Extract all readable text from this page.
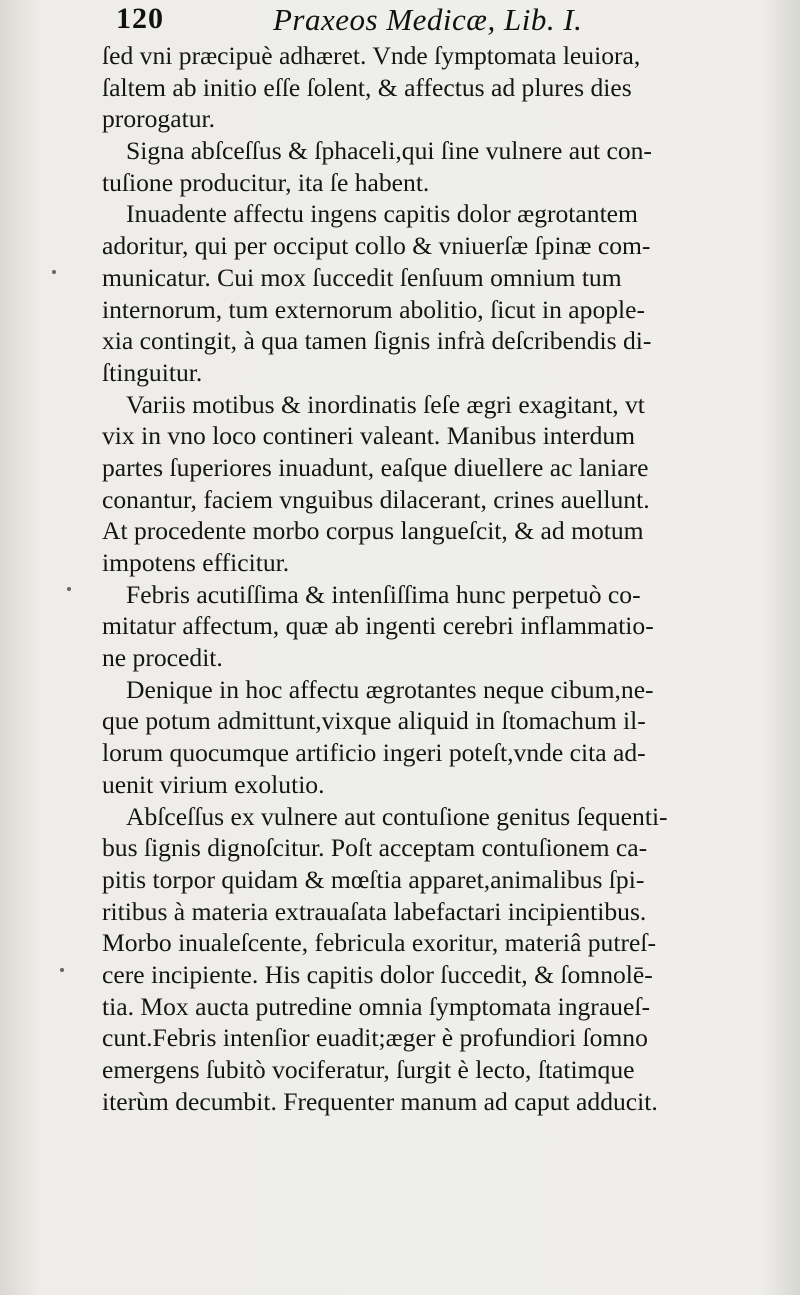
120	Praxeos Medicæ, Lib. I.
ſed vni præcipuè adhæret. Vnde ſymptomata leuiora,
ſaltem ab initio eſſe ſolent, & affectus ad plures dies
prorogatur.
Signa abſceſſus & ſphaceli,qui ſine vulnere aut con-
tuſione producitur, ita ſe habent.
Inuadente affectu ingens capitis dolor ægrotantem
adoritur, qui per occiput collo & vniuerſæ ſpinæ com-
municatur. Cui mox ſuccedit ſenſuum omnium tum
internorum, tum externorum abolitio, ſicut in apople-
xia contingit, à qua tamen ſignis infrà deſcribendis di-
ſtinguitur.
Variis motibus & inordinatis ſeſe ægri exagitant, vt
vix in vno loco contineri valeant. Manibus interdum
partes ſuperiores inuadunt, eaſque diuellere ac laniare
conantur, faciem vnguibus dilacerant, crines auellunt.
At procedente morbo corpus langueſcit, & ad motum
impotens efficitur.
Febris acutiſſima & intenſiſſima hunc perpetuò co-
mitatur affectum, quæ ab ingenti cerebri inflammatio-
ne procedit.
Denique in hoc affectu ægrotantes neque cibum,ne-
que potum admittunt,vixque aliquid in ſtomachum il-
lorum quocumque artificio ingeri poteſt,vnde cita ad-
uenit virium exolutio.
Abſceſſus ex vulnere aut contuſione genitus ſequenti-
bus ſignis dignoſcitur. Poſt acceptam contuſionem ca-
pitis torpor quidam & mœſtia apparet,animalibus ſpi-
ritibus à materia extrauaſata labefactari incipientibus.
Morbo inualeſcente, febricula exoritur, materiâ putreſ-
cere incipiente. His capitis dolor ſuccedit, & ſomnolē-
tia. Mox aucta putredine omnia ſymptomata ingraueſ-
cunt.Febris intenſior euadit;æger è profundiori ſomno
emergens ſubitò vociferatur, ſurgit è lecto, ſtatimque
iterùm decumbit. Frequenter manum ad caput adducit.
